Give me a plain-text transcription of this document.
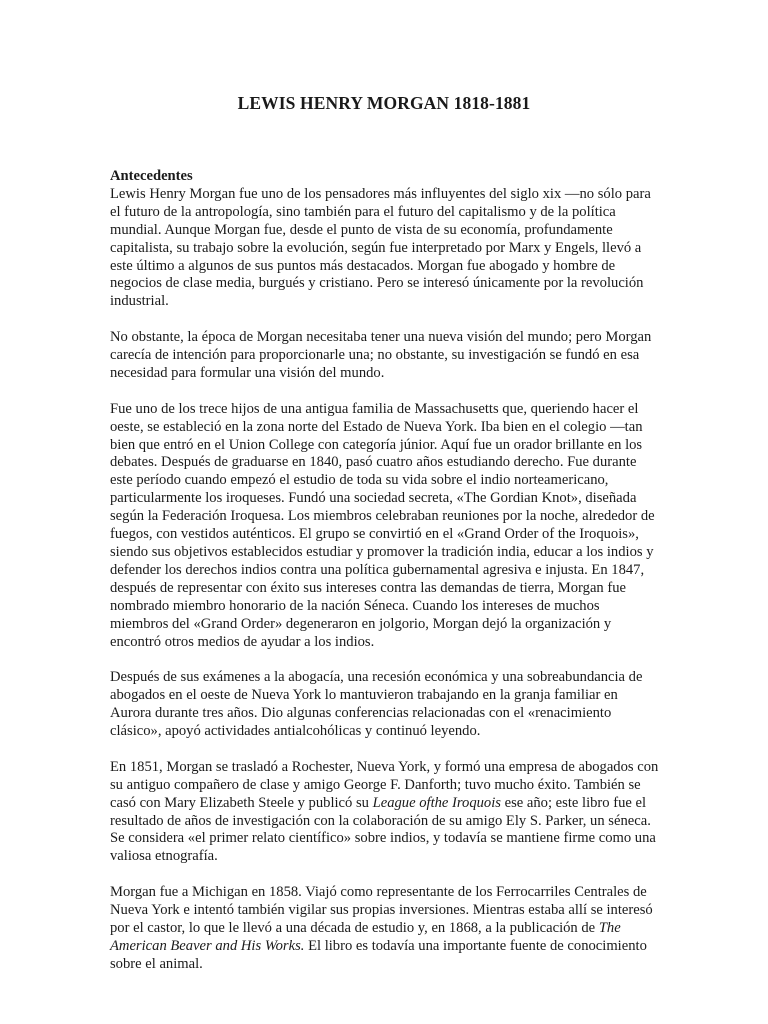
LEWIS HENRY MORGAN 1818-1881

Antecedentes

Lewis Henry Morgan fue uno de los pensadores más influyentes del siglo xix —no sólo para el futuro de la antropología, sino también para el futuro del capitalismo y de la política mundial. Aunque Morgan fue, desde el punto de vista de su economía, profundamente capitalista, su trabajo sobre la evolución, según fue interpretado por Marx y Engels, llevó a este último a algunos de sus puntos más destacados. Morgan fue abogado y hombre de negocios de clase media, burgués y cristiano. Pero se interesó únicamente por la revolución industrial.

No obstante, la época de Morgan necesitaba tener una nueva visión del mundo; pero Morgan carecía de intención para proporcionarle una; no obstante, su investigación se fundó en esa necesidad para formular una visión del mundo.

Fue uno de los trece hijos de una antigua familia de Massachusetts que, queriendo hacer el oeste, se estableció en la zona norte del Estado de Nueva York. Iba bien en el colegio —tan bien que entró en el Union College con categoría júnior. Aquí fue un orador brillante en los debates. Después de graduarse en 1840, pasó cuatro años estudiando derecho. Fue durante este período cuando empezó el estudio de toda su vida sobre el indio norteamericano, particularmente los iroqueses. Fundó una sociedad secreta, «The Gordian Knot», diseñada según la Federación Iroquesa. Los miembros celebraban reuniones por la noche, alrededor de fuegos, con vestidos auténticos. El grupo se convirtió en el «Grand Order of the Iroquois», siendo sus objetivos establecidos estudiar y promover la tradición india, educar a los indios y defender los derechos indios contra una política gubernamental agresiva e injusta. En 1847, después de representar con éxito sus intereses contra las demandas de tierra, Morgan fue nombrado miembro honorario de la nación Séneca. Cuando los intereses de muchos miembros del «Grand Order» degeneraron en jolgorio, Morgan dejó la organización y encontró otros medios de ayudar a los indios.

Después de sus exámenes a la abogacía, una recesión económica y una sobreabundancia de abogados en el oeste de Nueva York lo mantuvieron trabajando en la granja familiar en Aurora durante tres años. Dio algunas conferencias relacionadas con el «renacimiento clásico», apoyó actividades antialcohólicas y continuó leyendo.

En 1851, Morgan se trasladó a Rochester, Nueva York, y formó una empresa de abogados con su antiguo compañero de clase y amigo George F. Danforth; tuvo mucho éxito. También se casó con Mary Elizabeth Steele y publicó su League ofthe Iroquois ese año; este libro fue el resultado de años de investigación con la colaboración de su amigo Ely S. Parker, un séneca. Se considera «el primer relato científico» sobre indios, y todavía se mantiene firme como una valiosa etnografía.

Morgan fue a Michigan en 1858. Viajó como representante de los Ferrocarriles Centrales de Nueva York e intentó también vigilar sus propias inversiones. Mientras estaba allí se interesó por el castor, lo que le llevó a una década de estudio y, en 1868, a la publicación de The American Beaver and His Works. El libro es todavía una importante fuente de conocimiento sobre el animal.
